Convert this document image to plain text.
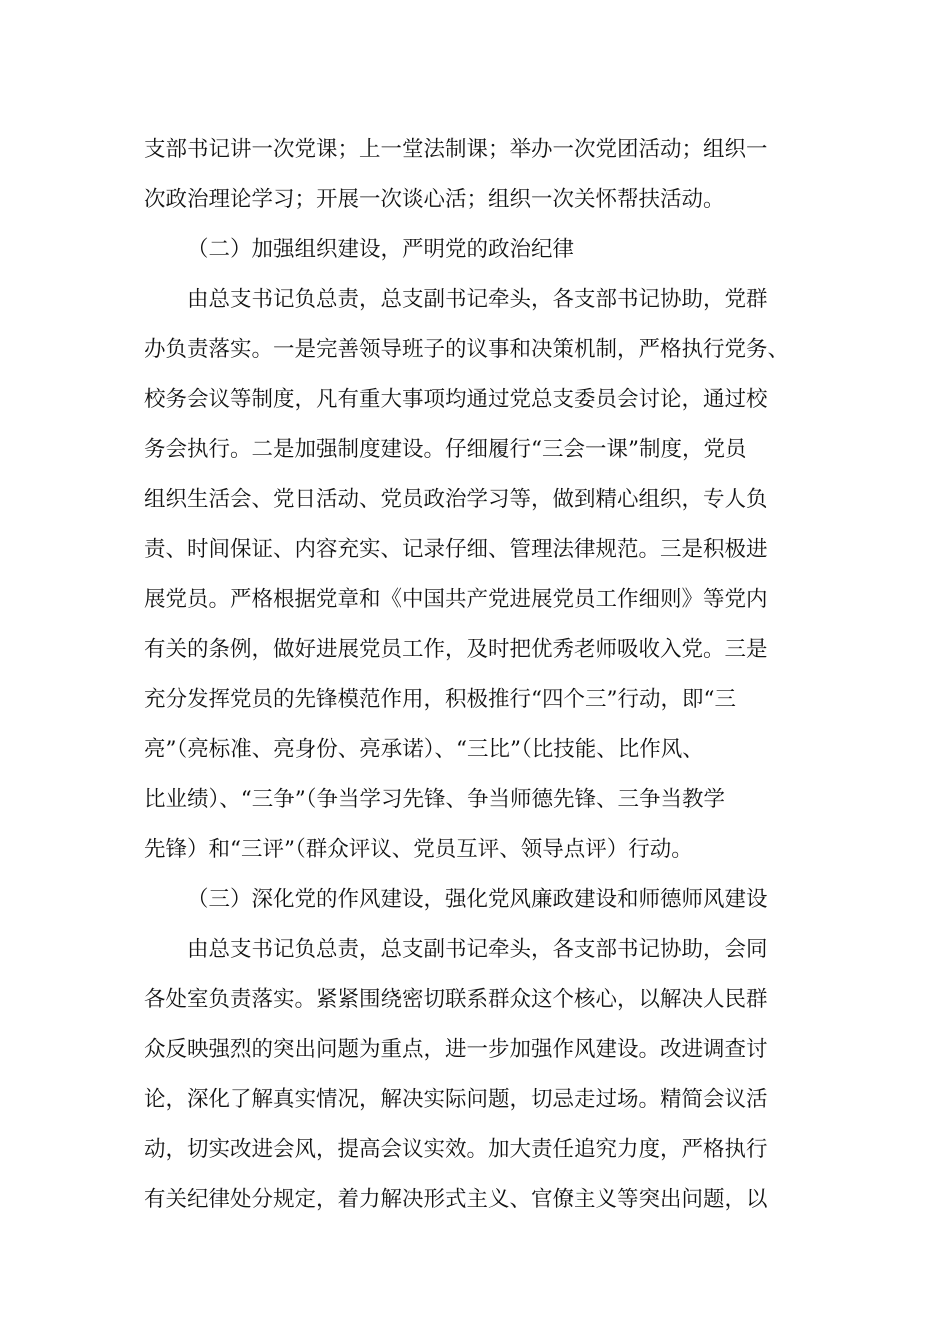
支部书记讲一次党课；上一堂法制课；举办一次党团活动；组织一
次政治理论学习；开展一次谈心活；组织一次关怀帮扶活动。
（二）加强组织建设，严明党的政治纪律
由总支书记负总责，总支副书记牵头，各支部书记协助，党群
办负责落实。一是完善领导班子的议事和决策机制，严格执行党务、
校务会议等制度，凡有重大事项均通过党总支委员会讨论，通过校
务会执行。二是加强制度建设。仔细履行“三会一课”制度，党员
组织生活会、党日活动、党员政治学习等，做到精心组织，专人负
责、时间保证、内容充实、记录仔细、管理法律规范。三是积极进
展党员。严格根据党章和《中国共产党进展党员工作细则》等党内
有关的条例，做好进展党员工作，及时把优秀老师吸收入党。三是
充分发挥党员的先锋模范作用，积极推行“四个三”行动，即“三
亮”（亮标准、亮身份、亮承诺）、“三比”（比技能、比作风、
比业绩）、“三争”（争当学习先锋、争当师德先锋、三争当教学
先锋）和“三评”（群众评议、党员互评、领导点评）行动。
（三）深化党的作风建设，强化党风廉政建设和师德师风建设
由总支书记负总责，总支副书记牵头，各支部书记协助，会同
各处室负责落实。紧紧围绕密切联系群众这个核心，以解决人民群
众反映强烈的突出问题为重点，进一步加强作风建设。改进调查讨
论，深化了解真实情况，解决实际问题，切忌走过场。精简会议活
动，切实改进会风，提高会议实效。加大责任追究力度，严格执行
有关纪律处分规定，着力解决形式主义、官僚主义等突出问题，以
